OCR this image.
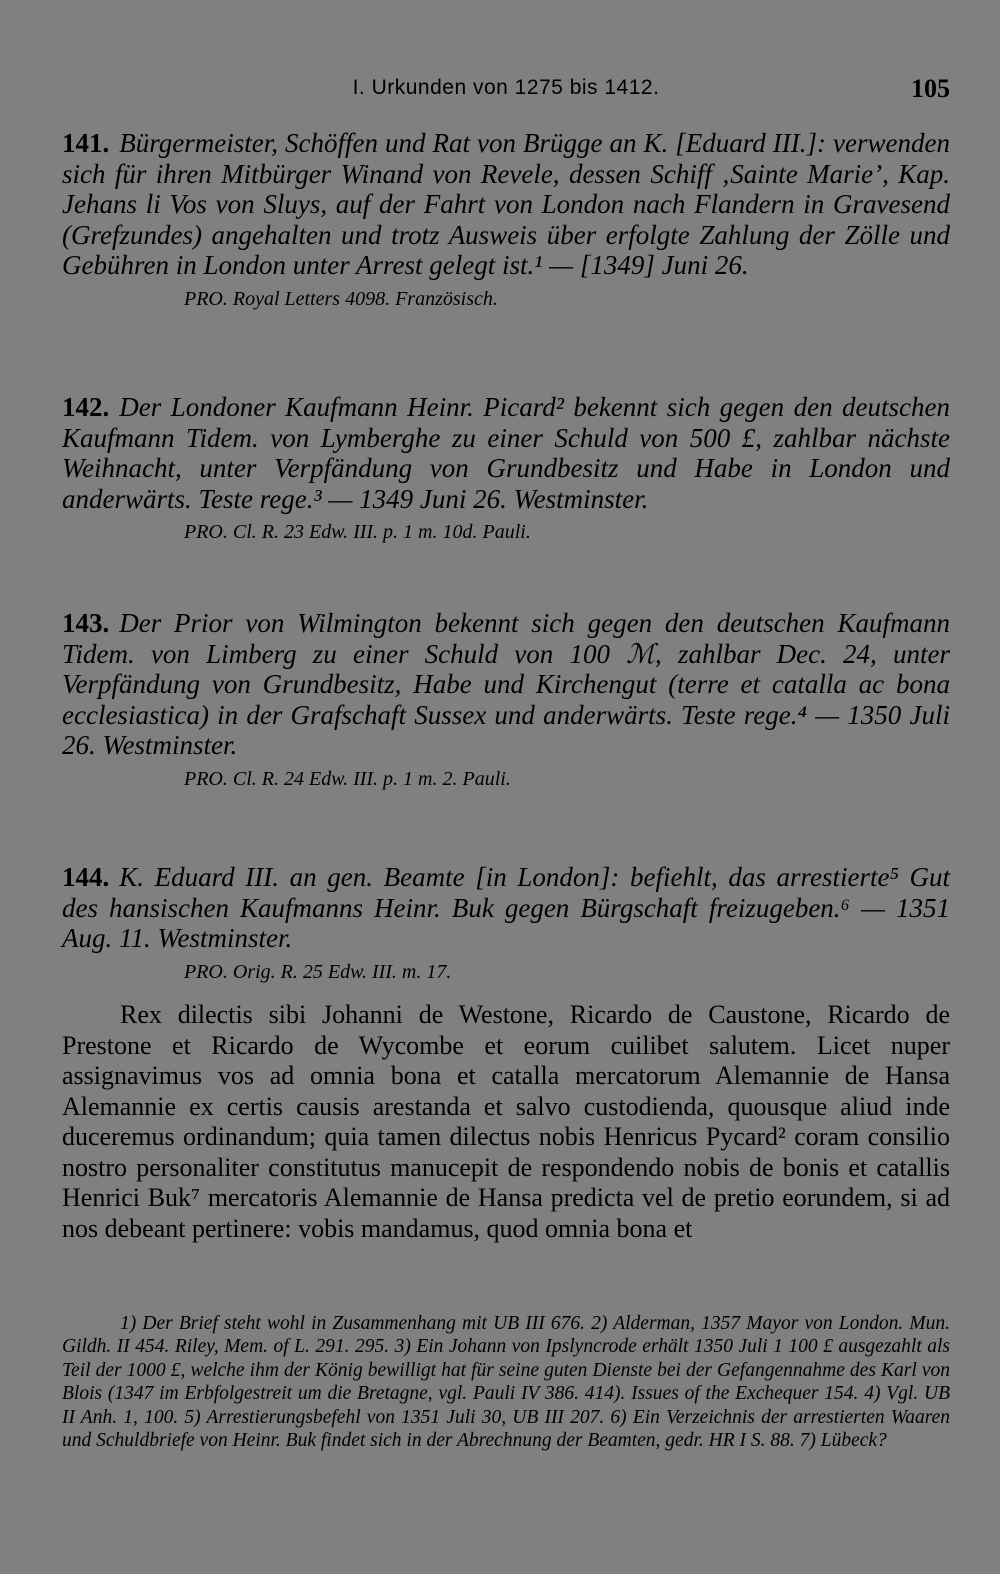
I. Urkunden von 1275 bis 1412.	105
141. Bürgermeister, Schöffen und Rat von Brügge an K. [Eduard III.]: verwenden sich für ihren Mitbürger Winand von Revele, dessen Schiff ‚Sainte Marie’, Kap. Jehans li Vos von Sluys, auf der Fahrt von London nach Flandern in Gravesend (Grefzundes) angehalten und trotz Ausweis über erfolgte Zahlung der Zölle und Gebühren in London unter Arrest gelegt ist.¹ — [1349] Juni 26.
PRO. Royal Letters 4098. Französisch.
142. Der Londoner Kaufmann Heinr. Picard² bekennt sich gegen den deutschen Kaufmann Tidem. von Lymberghe zu einer Schuld von 500 £, zahlbar nächste Weihnacht, unter Verpfändung von Grundbesitz und Habe in London und anderwärts. Teste rege.³ — 1349 Juni 26. Westminster.
PRO. Cl. R. 23 Edw. III. p. 1 m. 10d. Pauli.
143. Der Prior von Wilmington bekennt sich gegen den deutschen Kaufmann Tidem. von Limberg zu einer Schuld von 100 ℳ, zahlbar Dec. 24, unter Verpfändung von Grundbesitz, Habe und Kirchengut (terre et catalla ac bona ecclesiastica) in der Grafschaft Sussex und anderwärts. Teste rege.⁴ — 1350 Juli 26. Westminster.
PRO. Cl. R. 24 Edw. III. p. 1 m. 2. Pauli.
144. K. Eduard III. an gen. Beamte [in London]: befiehlt, das arrestierte⁵ Gut des hansischen Kaufmanns Heinr. Buk gegen Bürgschaft freizugeben.⁶ — 1351 Aug. 11. Westminster.
PRO. Orig. R. 25 Edw. III. m. 17.

Rex dilectis sibi Johanni de Westone, Ricardo de Caustone, Ricardo de Prestone et Ricardo de Wycombe et eorum cuilibet salutem. Licet nuper assignavimus vos ad omnia bona et catalla mercatorum Alemannie de Hansa Alemannie ex certis causis arestanda et salvo custodienda, quousque aliud inde duceremus ordinandum; quia tamen dilectus nobis Henricus Pycard² coram consilio nostro personaliter constitutus manucepit de respondendo nobis de bonis et catallis Henrici Buk⁷ mercatoris Alemannie de Hansa predicta vel de pretio eorundem, si ad nos debeant pertinere: vobis mandamus, quod omnia bona et

1) Der Brief steht wohl in Zusammenhang mit UB III 676. 2) Alderman, 1357 Mayor von London. Mun. Gildh. II 454. Riley, Mem. of L. 291. 295. 3) Ein Johann von Ipslyncrode erhält 1350 Juli 1 100 £ ausgezahlt als Teil der 1000 £, welche ihm der König bewilligt hat für seine guten Dienste bei der Gefangennahme des Karl von Blois (1347 im Erbfolgestreit um die Bretagne, vgl. Pauli IV 386. 414). Issues of the Exchequer 154. 4) Vgl. UB II Anh. 1, 100. 5) Arrestierungsbefehl von 1351 Juli 30, UB III 207. 6) Ein Verzeichnis der arrestierten Waaren und Schuldbriefe von Heinr. Buk findet sich in der Abrechnung der Beamten, gedr. HR I S. 88. 7) Lübeck?
